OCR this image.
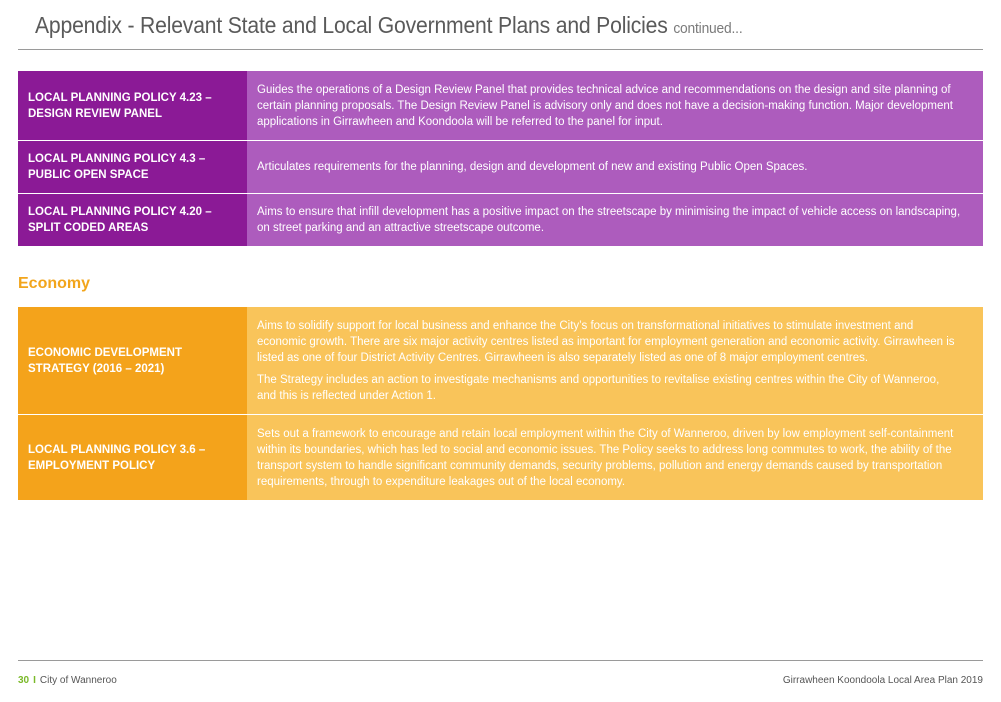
Appendix - Relevant State and Local Government Plans and Policies continued...
LOCAL PLANNING POLICY 4.23 – DESIGN REVIEW PANEL

Guides the operations of a Design Review Panel that provides technical advice and recommendations on the design and site planning of certain planning proposals. The Design Review Panel is advisory only and does not have a decision-making function. Major development applications in Girrawheen and Koondoola will be referred to the panel for input.

LOCAL PLANNING POLICY 4.3 – PUBLIC OPEN SPACE

Articulates requirements for the planning, design and development of new and existing Public Open Spaces.

LOCAL PLANNING POLICY 4.20 – SPLIT CODED AREAS

Aims to ensure that infill development has a positive impact on the streetscape by minimising the impact of vehicle access on landscaping, on street parking and an attractive streetscape outcome.

Economy
ECONOMIC DEVELOPMENT STRATEGY (2016 – 2021)

Aims to solidify support for local business and enhance the City’s focus on transformational initiatives to stimulate investment and economic growth. There are six major activity centres listed as important for employment generation and economic activity. Girrawheen is listed as one of four District Activity Centres. Girrawheen is also separately listed as one of 8 major employment centres.

The Strategy includes an action to investigate mechanisms and opportunities to revitalise existing centres within the City of Wanneroo, and this is reflected under Action 1.

LOCAL PLANNING POLICY 3.6 – EMPLOYMENT POLICY

Sets out a framework to encourage and retain local employment within the City of Wanneroo, driven by low employment self-containment within its boundaries, which has led to social and economic issues. The Policy seeks to address long commutes to work, the ability of the transport system to handle significant community demands, security problems, pollution and energy demands caused by transportation requirements, through to expenditure leakages out of the local economy.

30 I City of Wanneroo	Girrawheen Koondoola Local Area Plan 2019
